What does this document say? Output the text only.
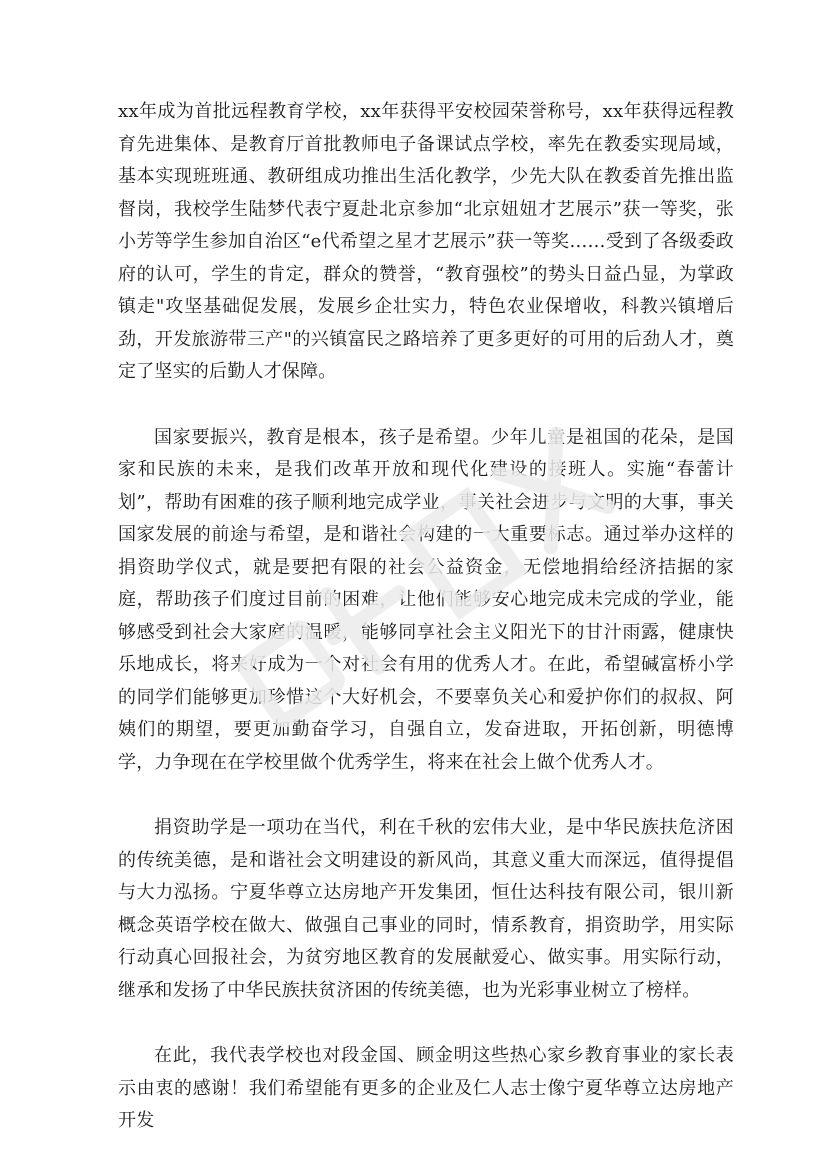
xx年成为首批远程教育学校，xx年获得平安校园荣誉称号，xx年获得远程教育先进集体、是教育厅首批教师电子备课试点学校，率先在教委实现局域，基本实现班班通、教研组成功推出生活化教学，少先大队在教委首先推出监督岗，我校学生陆梦代表宁夏赴北京参加“北京妞妞才艺展示”获一等奖，张小芳等学生参加自治区“e代希望之星才艺展示”获一等奖……受到了各级委政府的认可，学生的肯定，群众的赞誉，“教育强校”的势头日益凸显，为掌政镇走"攻坚基础促发展，发展乡企壮实力，特色农业保增收，科教兴镇增后劲，开发旅游带三产"的兴镇富民之路培养了更多更好的可用的后劲人才，奠定了坚实的后勤人才保障。

国家要振兴，教育是根本，孩子是希望。少年儿童是祖国的花朵，是国家和民族的未来，是我们改革开放和现代化建设的接班人。实施“春蕾计划”，帮助有困难的孩子顺利地完成学业，事关社会进步与文明的大事，事关国家发展的前途与希望，是和谐社会构建的一大重要标志。通过举办这样的捐资助学仪式，就是要把有限的社会公益资金，无偿地捐给经济拮据的家庭，帮助孩子们度过目前的困难，让他们能够安心地完成未完成的学业，能够感受到社会大家庭的温暖，能够同享社会主义阳光下的甘汁雨露，健康快乐地成长，将来好成为一个对社会有用的优秀人才。在此，希望碱富桥小学的同学们能够更加珍惜这个大好机会，不要辜负关心和爱护你们的叔叔、阿姨们的期望，要更加勤奋学习，自强自立，发奋进取，开拓创新，明德博学，力争现在在学校里做个优秀学生，将来在社会上做个优秀人才。

捐资助学是一项功在当代，利在千秋的宏伟大业，是中华民族扶危济困的传统美德，是和谐社会文明建设的新风尚，其意义重大而深远，值得提倡与大力泓扬。宁夏华尊立达房地产开发集团，恒仕达科技有限公司，银川新概念英语学校在做大、做强自己事业的同时，情系教育，捐资助学，用实际行动真心回报社会，为贫穷地区教育的发展献爱心、做实事。用实际行动，继承和发扬了中华民族扶贫济困的传统美德，也为光彩事业树立了榜样。

在此，我代表学校也对段金国、顾金明这些热心家乡教育事业的家长表示由衷的感谢！我们希望能有更多的企业及仁人志士像宁夏华尊立达房地产开发
